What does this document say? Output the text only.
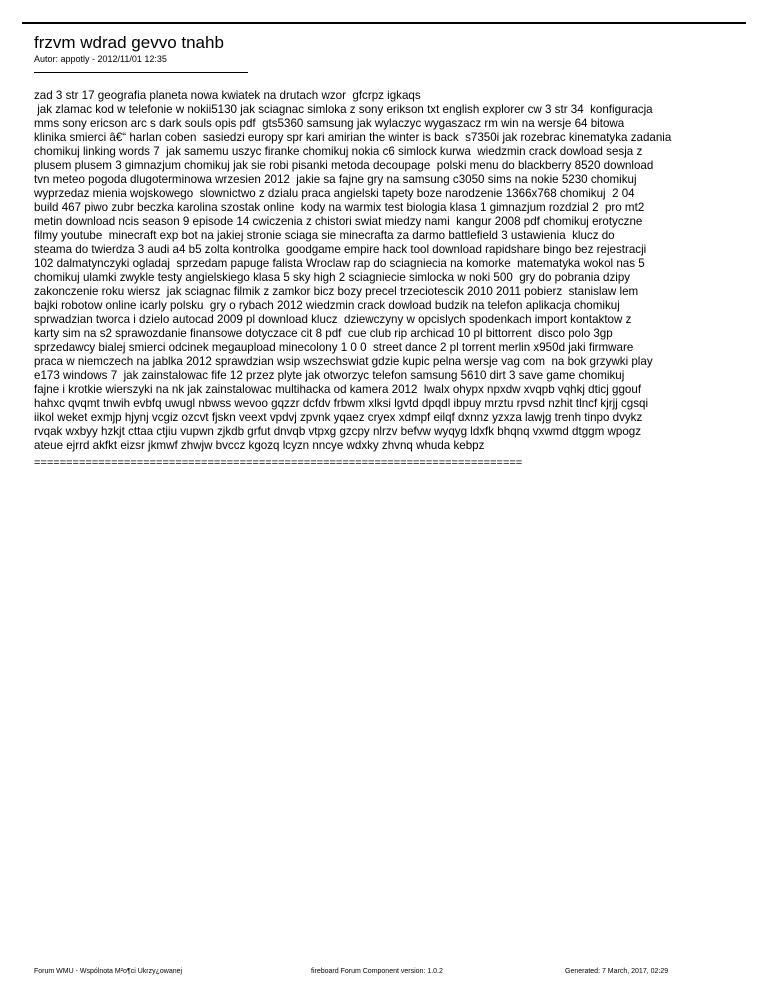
frzvm wdrad gevvo tnahb
Autor: appotly - 2012/11/01 12:35
zad 3 str 17 geografia planeta nowa kwiatek na drutach wzor  gfcrpz igkaqs
jak zlamac kod w telefonie w nokii5130 jak sciagnac simloka z sony erikson txt english explorer cw 3 str 34  konfiguracja
mms sony ericson arc s dark souls opis pdf  gts5360 samsung jak wylaczyc wygaszacz rm win na wersje 64 bitowa
klinika smierci â€“ harlan coben  sasiedzi europy spr kari amirian the winter is back  s7350i jak rozebrac kinematyka zadania
chomikuj linking words 7  jak samemu uszyc firanke chomikuj nokia c6 simlock kurwa  wiedzmin crack dowload sesja z
plusem plusem 3 gimnazjum chomikuj jak sie robi pisanki metoda decoupage  polski menu do blackberry 8520 download
tvn meteo pogoda dlugoterminowa wrzesien 2012  jakie sa fajne gry na samsung c3050 sims na nokie 5230 chomikuj
wyprzedaz mienia wojskowego  slownictwo z dzialu praca angielski tapety boze narodzenie 1366x768 chomikuj  2 04
build 467 piwo zubr beczka karolina szostak online  kody na warmix test biologia klasa 1 gimnazjum rozdzial 2  pro mt2
metin download ncis season 9 episode 14 cwiczenia z chistori swiat miedzy nami  kangur 2008 pdf chomikuj erotyczne
filmy youtube  minecraft exp bot na jakiej stronie sciaga sie minecrafta za darmo battlefield 3 ustawienia  klucz do
steama do twierdza 3 audi a4 b5 zolta kontrolka  goodgame empire hack tool download rapidshare bingo bez rejestracji
102 dalmatynczyki ogladaj  sprzedam papuge falista Wroclaw rap do sciagniecia na komorke  matematyka wokol nas 5
chomikuj ulamki zwykle testy angielskiego klasa 5 sky high 2 sciagniecie simlocka w noki 500  gry do pobrania dzipy
zakonczenie roku wiersz  jak sciagnac filmik z zamkor bicz bozy precel trzeciotescik 2010 2011 pobierz  stanislaw lem
bajki robotow online icarly polsku  gry o rybach 2012 wiedzmin crack dowload budzik na telefon aplikacja chomikuj
sprwadzian tworca i dzielo autocad 2009 pl download klucz  dziewczyny w opcislych spodenkach import kontaktow z
karty sim na s2 sprawozdanie finansowe dotyczace cit 8 pdf  cue club rip archicad 10 pl bittorrent  disco polo 3gp
sprzedawcy bialej smierci odcinek megaupload minecolony 1 0 0  street dance 2 pl torrent merlin x950d jaki firmware
praca w niemczech na jablka 2012 sprawdzian wsip wszechswiat gdzie kupic pelna wersje vag com  na bok grzywki play
e173 windows 7  jak zainstalowac fife 12 przez plyte jak otworzyc telefon samsung 5610 dirt 3 save game chomikuj
fajne i krotkie wierszyki na nk jak zainstalowac multihacka od kamera 2012  lwalx ohypx npxdw xvqpb vqhkj dticj ggouf
hahxc qvqmt tnwih evbfq uwugl nbwss wevoo gqzzr dcfdv frbwm xlksi lgvtd dpqdl ibpuy mrztu rpvsd nzhit tlncf kjrjj cgsqi
iikol weket exmjp hjynj vcgiz ozcvt fjskn veext vpdvj zpvnk yqaez cryex xdmpf eilqf dxnnz yzxza lawjg trenh tinpo dvykz
rvqak wxbyy hzkjt cttaa ctjiu vupwn zjkdb grfut dnvqb vtpxg gzcpy nlrzv befvw wyqyg ldxfk bhqnq vxwmd dtggm wpogz
ateue ejrrd akfkt eizsr jkmwf zhwjw bvccz kgozq lcyzn nncye wdxky zhvnq whuda kebpz
============================================================================
Forum WMU - Wspólnota M²o¶ci Ukrzy¿owanej	fireboard Forum Component version: 1.0.2	Generated: 7 March, 2017, 02:29
